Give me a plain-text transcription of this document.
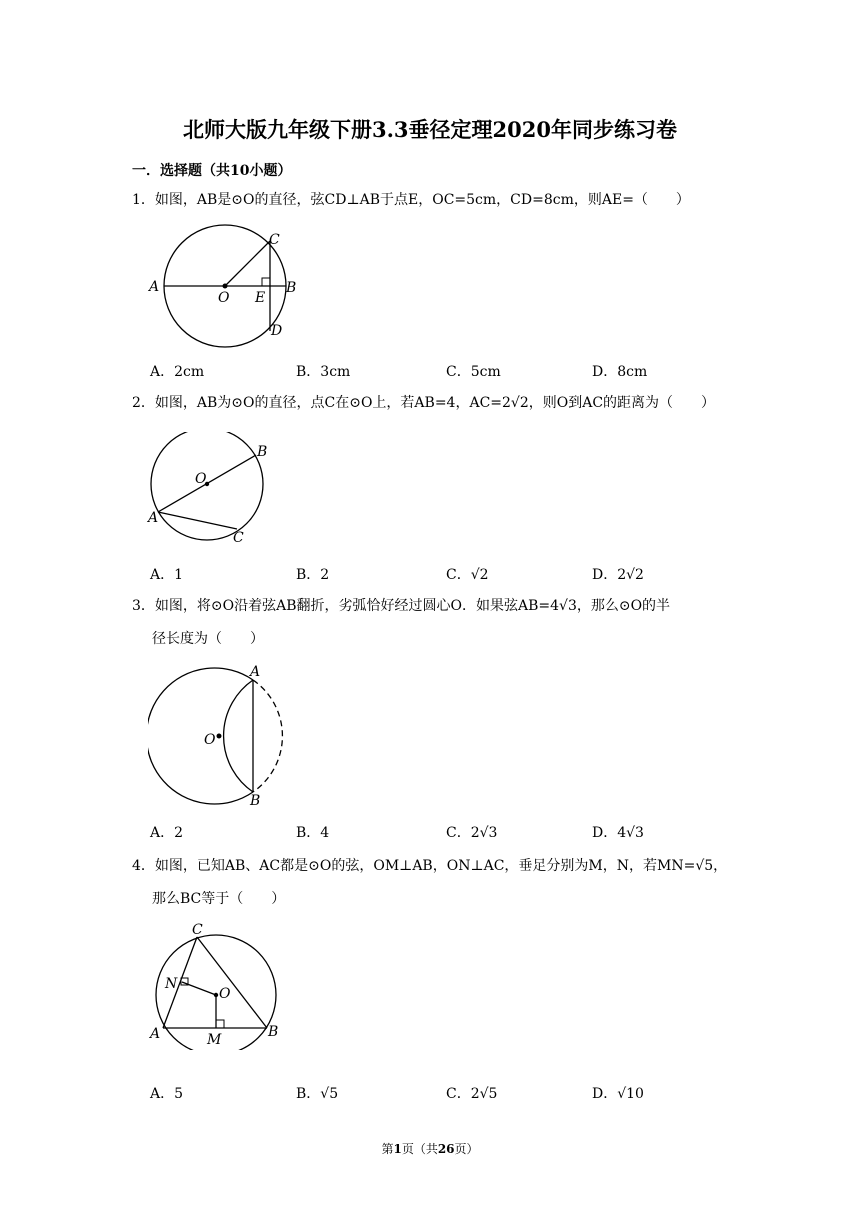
北师大版九年级下册3.3垂径定理2020年同步练习卷
一．选择题（共10小题）
1．如图，AB是⊙O的直径，弦CD⊥AB于点E，OC=5cm，CD=8cm，则AE=（　　）
A
O E
B
C
D
A．2cm	B．3cm	C．5cm	D．8cm
2．如图，AB为⊙O的直径，点C在⊙O上，若AB=4，AC=2√2，则O到AC的距离为（　　）
O
B
A
C
A．1	B．2	C．√2	D．2√2
3．如图，将⊙O沿着弦AB翻折，劣弧恰好经过圆心O．如果弦AB=4√3，那么⊙O的半
径长度为（　　）
A
O
B
A．2	B．4	C．2√3	D．4√3
4．如图，已知AB、AC都是⊙O的弦，OM⊥AB，ON⊥AC，垂足分别为M，N，若MN=√5，
那么BC等于（　　）
C
N
O
A	M	B
A．5	B．√5	C．2√5	D．√10
第1页（共26页）
